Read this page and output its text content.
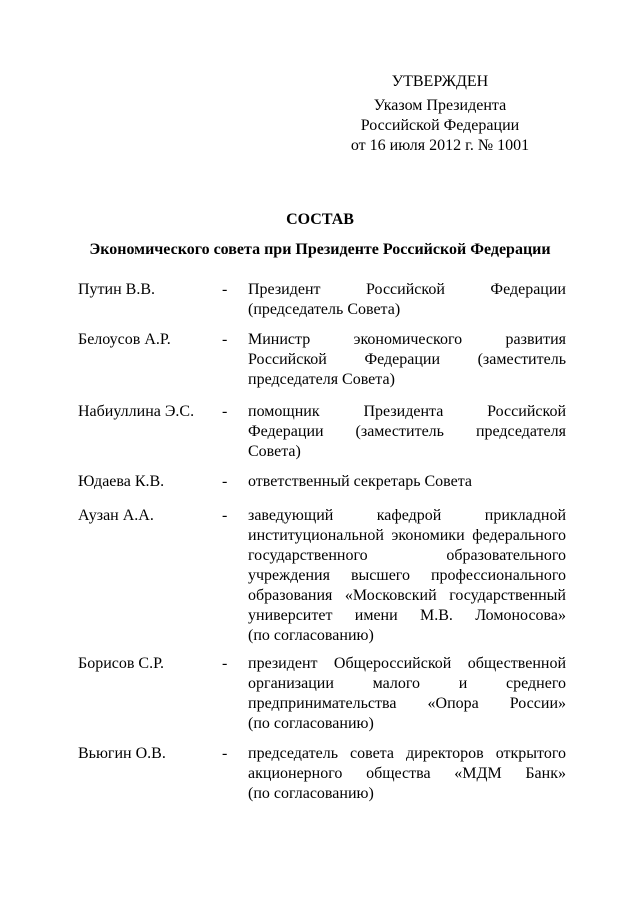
УТВЕРЖДЕН
Указом Президента
Российской Федерации
от 16 июля 2012 г. № 1001
СОСТАВ
Экономического совета при Президенте Российской Федерации
Путин В.В.	- Президент Российской Федерации
(председатель Совета)
Белоусов А.Р.	- Министр экономического развития
Российской Федерации (заместитель
председателя Совета)
Набиуллина Э.С. - помощник Президента Российской
Федерации (заместитель председателя
Совета)
Юдаева К.В.	- ответственный секретарь Совета
Аузан А.А.	- заведующий кафедрой прикладной
институциональной экономики федерального
государственного образовательного
учреждения высшего профессионального
образования «Московский государственный
университет имени М.В. Ломоносова»
(по согласованию)
Борисов С.Р.	- президент Общероссийской общественной
организации малого и среднего
предпринимательства «Опора России»
(по согласованию)
Вьюгин О.В.	- председатель совета директоров открытого
акционерного общества «МДМ Банк»
(по согласованию)
